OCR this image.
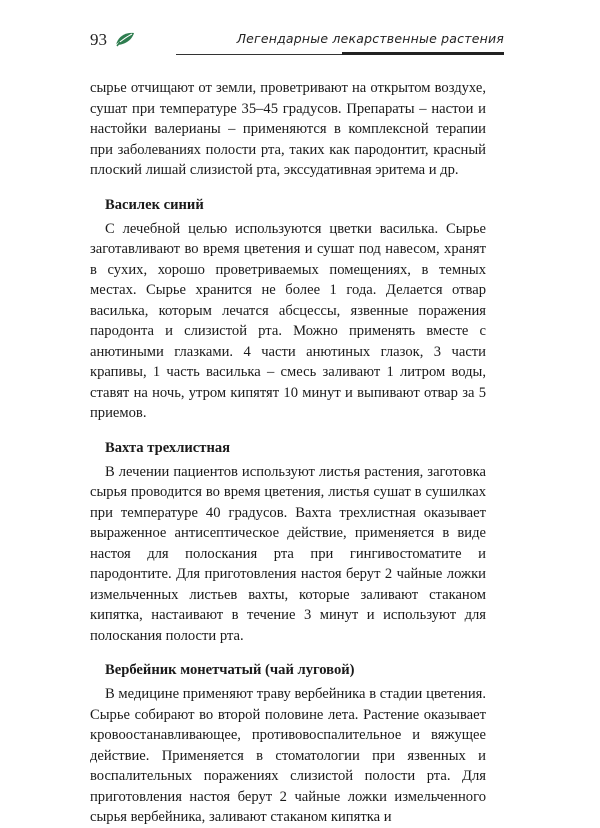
93	Легендарные лекарственные растения

сырье отчищают от земли, проветривают на открытом воздухе, сушат при температуре 35–45 градусов. Препараты – настои и настойки валерианы – применяются в комплексной терапии при заболеваниях полости рта, таких как пародонтит, красный плоский лишай слизистой рта, экссудативная эритема и др.

Василек синий

С лечебной целью используются цветки василька. Сырье заготавливают во время цветения и сушат под навесом, хранят в сухих, хорошо проветриваемых помещениях, в темных местах. Сырье хранится не более 1 года. Делается отвар василька, которым лечатся абсцессы, язвенные поражения пародонта и слизистой рта. Можно применять вместе с анютиными глазками. 4 части анютиных глазок, 3 части крапивы, 1 часть василька – смесь заливают 1 литром воды, ставят на ночь, утром кипятят 10 минут и выпивают отвар за 5 приемов.

Вахта трехлистная

В лечении пациентов используют листья растения, заготовка сырья проводится во время цветения, листья сушат в сушилках при температуре 40 градусов. Вахта трехлистная оказывает выраженное антисептическое действие, применяется в виде настоя для полоскания рта при гингивостоматите и пародонтите. Для приготовления настоя берут 2 чайные ложки измельченных листьев вахты, которые заливают стаканом кипятка, настаивают в течение 3 минут и используют для полоскания полости рта.

Вербейник монетчатый (чай луговой)

В медицине применяют траву вербейника в стадии цветения. Сырье собирают во второй половине лета. Растение оказывает кровоостанавливающее, противовоспалительное и вяжущее действие. Применяется в стоматологии при язвенных и воспалительных поражениях слизистой полости рта. Для приготовления настоя берут 2 чайные ложки измельченного сырья вербейника, заливают стаканом кипятка и
